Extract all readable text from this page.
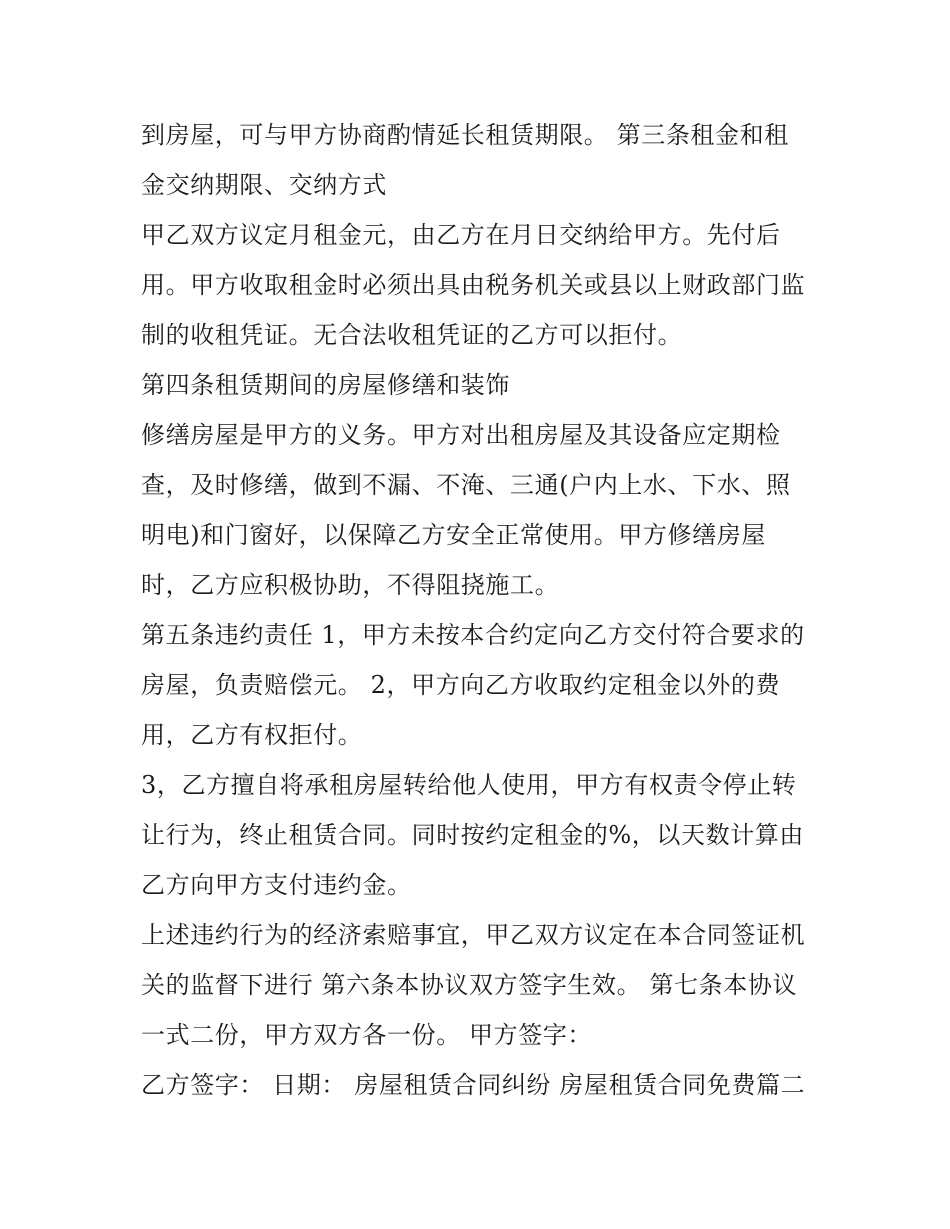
到房屋，可与甲方协商酌情延长租赁期限。 第三条租金和租
金交纳期限、交纳方式
甲乙双方议定月租金元，由乙方在月日交纳给甲方。先付后
用。甲方收取租金时必须出具由税务机关或县以上财政部门监
制的收租凭证。无合法收租凭证的乙方可以拒付。
第四条租赁期间的房屋修缮和装饰
修缮房屋是甲方的义务。甲方对出租房屋及其设备应定期检
查，及时修缮，做到不漏、不淹、三通(户内上水、下水、照
明电)和门窗好，以保障乙方安全正常使用。甲方修缮房屋
时，乙方应积极协助，不得阻挠施工。
第五条违约责任 1，甲方未按本合约定向乙方交付符合要求的
房屋，负责赔偿元。 2，甲方向乙方收取约定租金以外的费
用，乙方有权拒付。
3，乙方擅自将承租房屋转给他人使用，甲方有权责令停止转
让行为，终止租赁合同。同时按约定租金的%，以天数计算由
乙方向甲方支付违约金。
上述违约行为的经济索赔事宜，甲乙双方议定在本合同签证机
关的监督下进行 第六条本协议双方签字生效。 第七条本协议
一式二份，甲方双方各一份。 甲方签字：
乙方签字： 日期： 房屋租赁合同纠纷 房屋租赁合同免费篇二
